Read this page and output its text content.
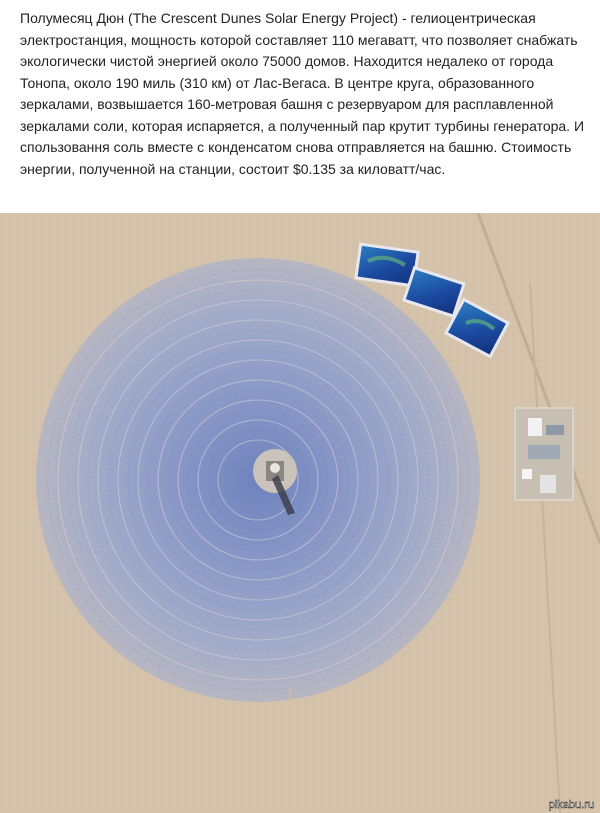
Полумесяц Дюн (The Crescent Dunes Solar Energy Project) - гелиоцентрическая электростанция, мощность которой составляет 110 мегаватт, что позволяет снабжать экологически чистой энергией около 75000 домов. Находится недалеко от города Тонопа, около 190 миль (310 км) от Лас-Вегаса. В центре круга, образованного зеркалами, возвышается 160-метровая башня с резервуаром для расплавленной зеркалами соли, которая испаряется, а полученный пар крутит турбины генератора. И спользовання соль вместе с конденсатом снова отправляется на башню. Стоимость энергии, полученной на станции, состоит $0.135 за киловатт/час.

pikabu.ru
